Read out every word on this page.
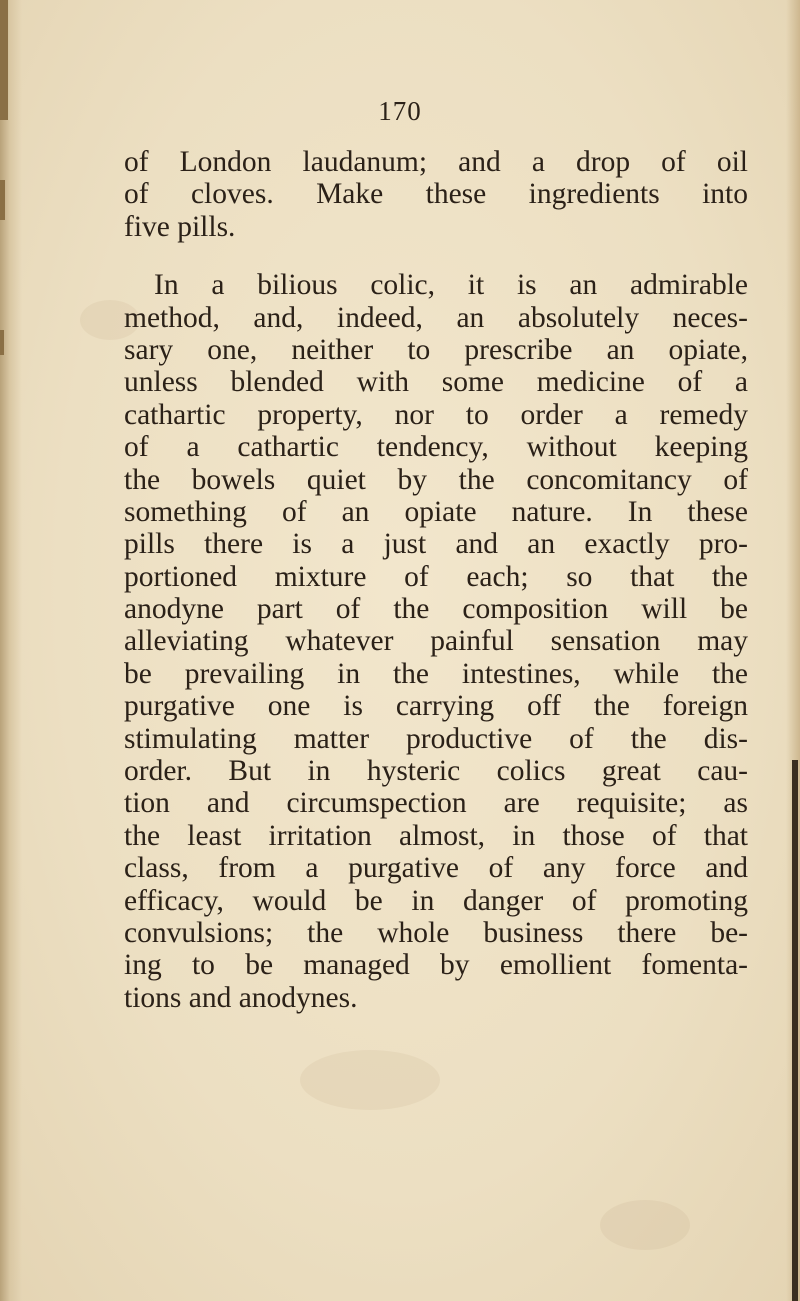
170
of London laudanum; and a drop of oil
of cloves. Make these ingredients into
five pills.
In a bilious colic, it is an admirable
method, and, indeed, an absolutely neces-
sary one, neither to prescribe an opiate,
unless blended with some medicine of a
cathartic property, nor to order a remedy
of a cathartic tendency, without keeping
the bowels quiet by the concomitancy of
something of an opiate nature. In these
pills there is a just and an exactly pro-
portioned mixture of each; so that the
anodyne part of the composition will be
alleviating whatever painful sensation may
be prevailing in the intestines, while the
purgative one is carrying off the foreign
stimulating matter productive of the dis-
order. But in hysteric colics great cau-
tion and circumspection are requisite; as
the least irritation almost, in those of that
class, from a purgative of any force and
efficacy, would be in danger of promoting
convulsions; the whole business there be-
ing to be managed by emollient fomenta-
tions and anodynes.
